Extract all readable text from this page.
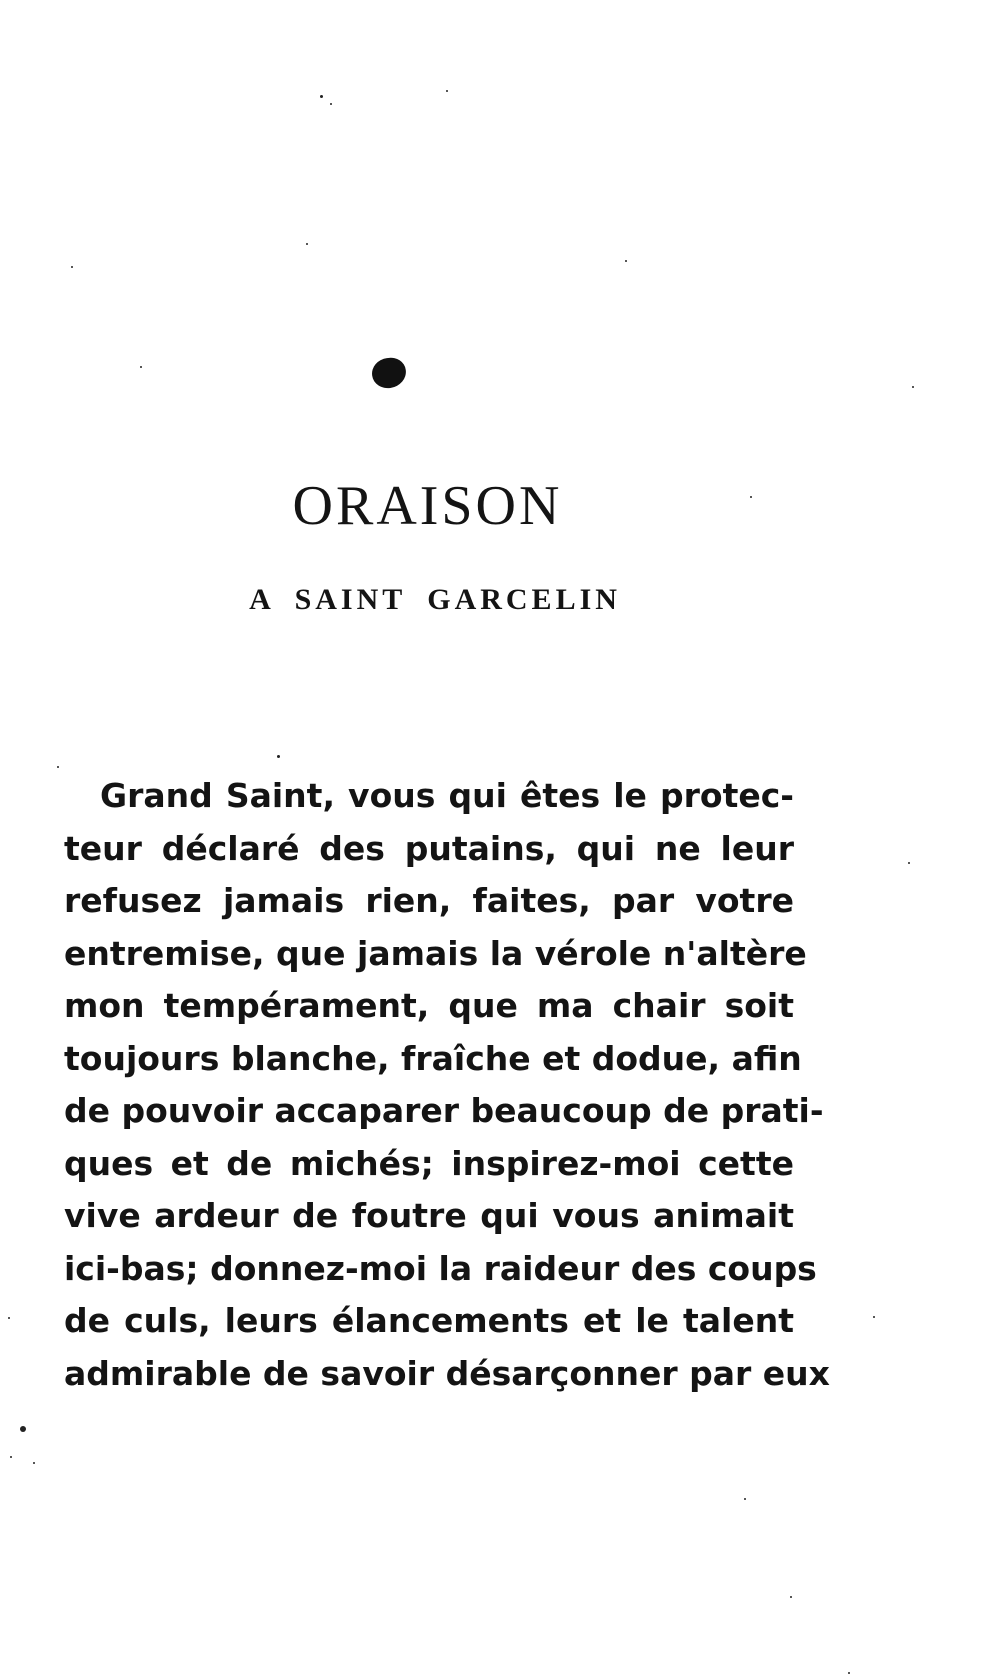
ORAISON
A SAINT GARCELIN

Grand Saint, vous qui êtes le protec-
teur déclaré des putains, qui ne leur
refusez jamais rien, faites, par votre
entremise, que jamais la vérole n'altère
mon tempérament, que ma chair soit
toujours blanche, fraîche et dodue, afin
de pouvoir accaparer beaucoup de prati-
ques et de michés; inspirez-moi cette
vive ardeur de foutre qui vous animait
ici-bas; donnez-moi la raideur des coups
de culs, leurs élancements et le talent
admirable de savoir désarçonner par eux
